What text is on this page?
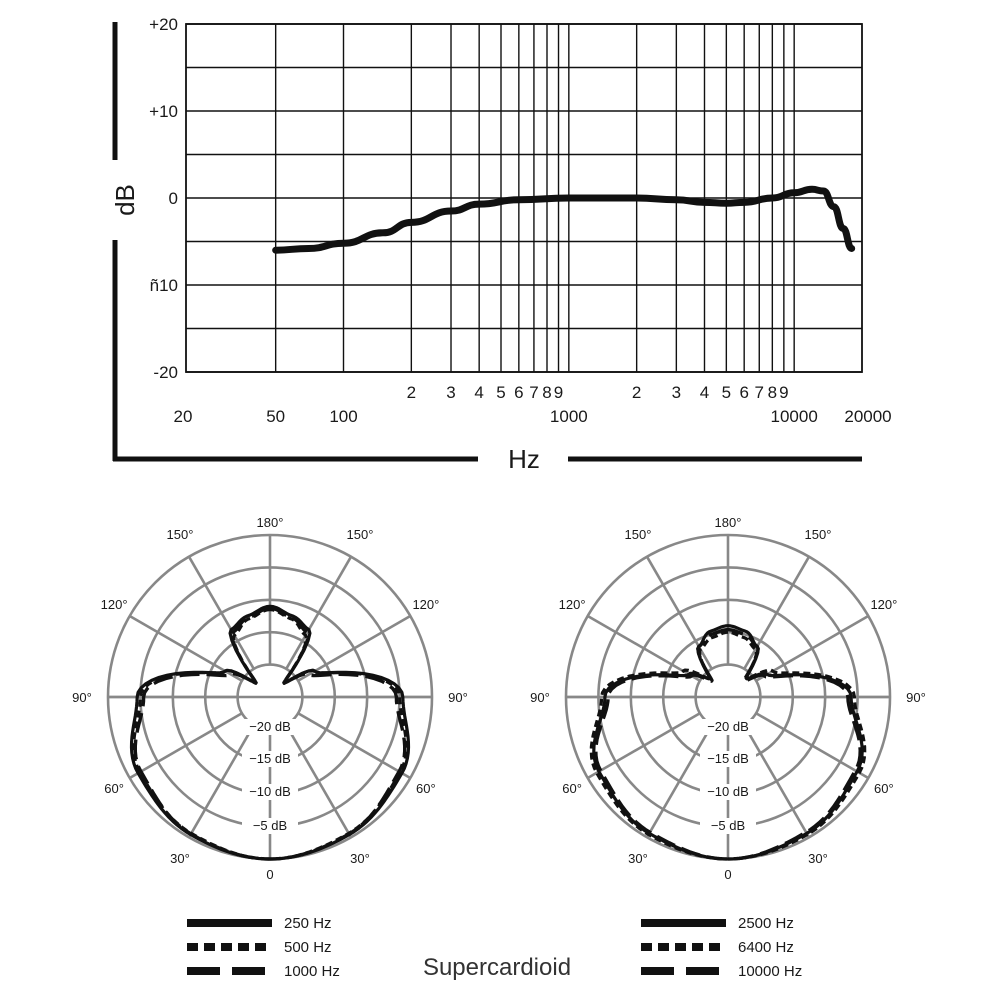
+20
+10
0
ñ10
-20
2 3 4 5 6 7 8 9	2 3 4 5 6 7 8 9
20	50	100	1000	10000 20000
dB
Hz
180°
0
90°	90°
30°	30°
60°	60°
120°	120°
150°	150°
−20 dB
−15 dB
−10 dB
−5 dB
180°
0
90°	90°
30°	30°
60°	60°
120°	120°
150°	150°
−20 dB
−15 dB
−10 dB
−5 dB
250 Hz
500 Hz
1000 Hz
2500 Hz
6400 Hz
10000 Hz
Supercardioid
